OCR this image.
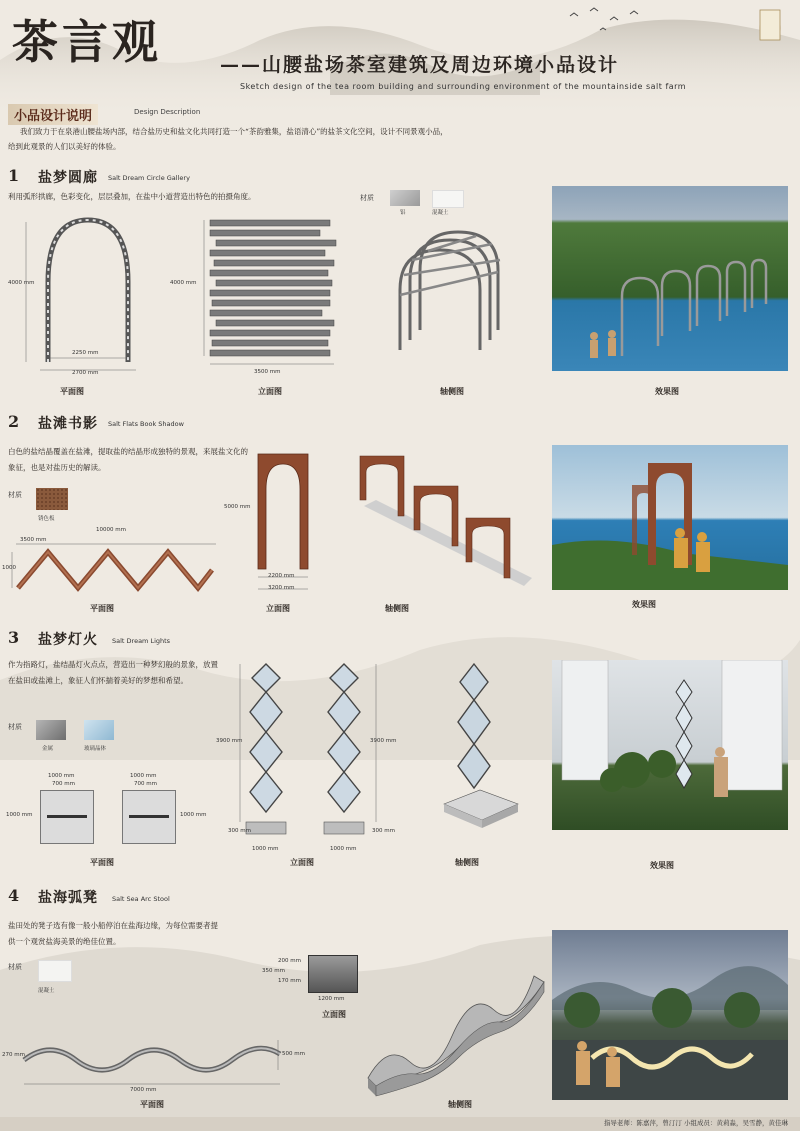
茶言观	——山腰盐场茶室建筑及周边环境小品设计
Sketch design of the tea room building and surrounding environment of the mountainside salt farm
小品设计说明	Design Description
我们致力于在泉港山腰盐场内部，结合盐历史和盐文化共同打造一个“茶韵雅集，盐语清心”的盐茶文化空间，设计不同景观小品，给到此观景的人们以美好的体验。
1 盐梦圆廊 Salt Dream Circle Gallery
利用弧形拱廊，色彩变化，层层叠加，在盐中小道营造出特色的拍摄角度。	材质
铝	混凝土
4000 mm
2250 mm
2700 mm
平面图
4000 mm
3500 mm
立面图	轴侧图	效果图
2 盐滩书影 Salt Flats Book Shadow
白色的盐结晶覆盖在盐滩，提取盐的结晶形成独特的景观，来展盐文化的象征，也是对盐历史的解读。
材质
锈色板
3500 mm
10000 mm
1000
平面图
5000 mm
2200 mm
3200 mm
立面图	轴侧图	效果图
3 盐梦灯火 Salt Dream Lights
作为指路灯，盐结晶灯火点点，营造出一种梦幻般的景象，放置在盐田或盐滩上，象征人们怀揣着美好的梦想和希望。
材质
金属	玻璃晶体
1000 mm
700 mm
1000 mm
700 mm
1000 mm	1000 mm
平面图
3900 mm	3900 mm
300 mm	300 mm
1000 mm	1000 mm
立面图	轴侧图	效果图
4 盐海弧凳 Salt Sea Arc Stool
盐田处的凳子选有像一般小船停泊在盐海边缘，为每位需要者提供一个观赏盐海美景的绝佳位置。
材质
混凝土
270 mm
7000 mm
500 mm
平面图
350 mm
200 mm
170 mm
1200 mm
立面图
轴侧图
指导老师：陈嘉萍，曾汀汀 小组成员：黄莉淼，吴雪静，黄佳琳
